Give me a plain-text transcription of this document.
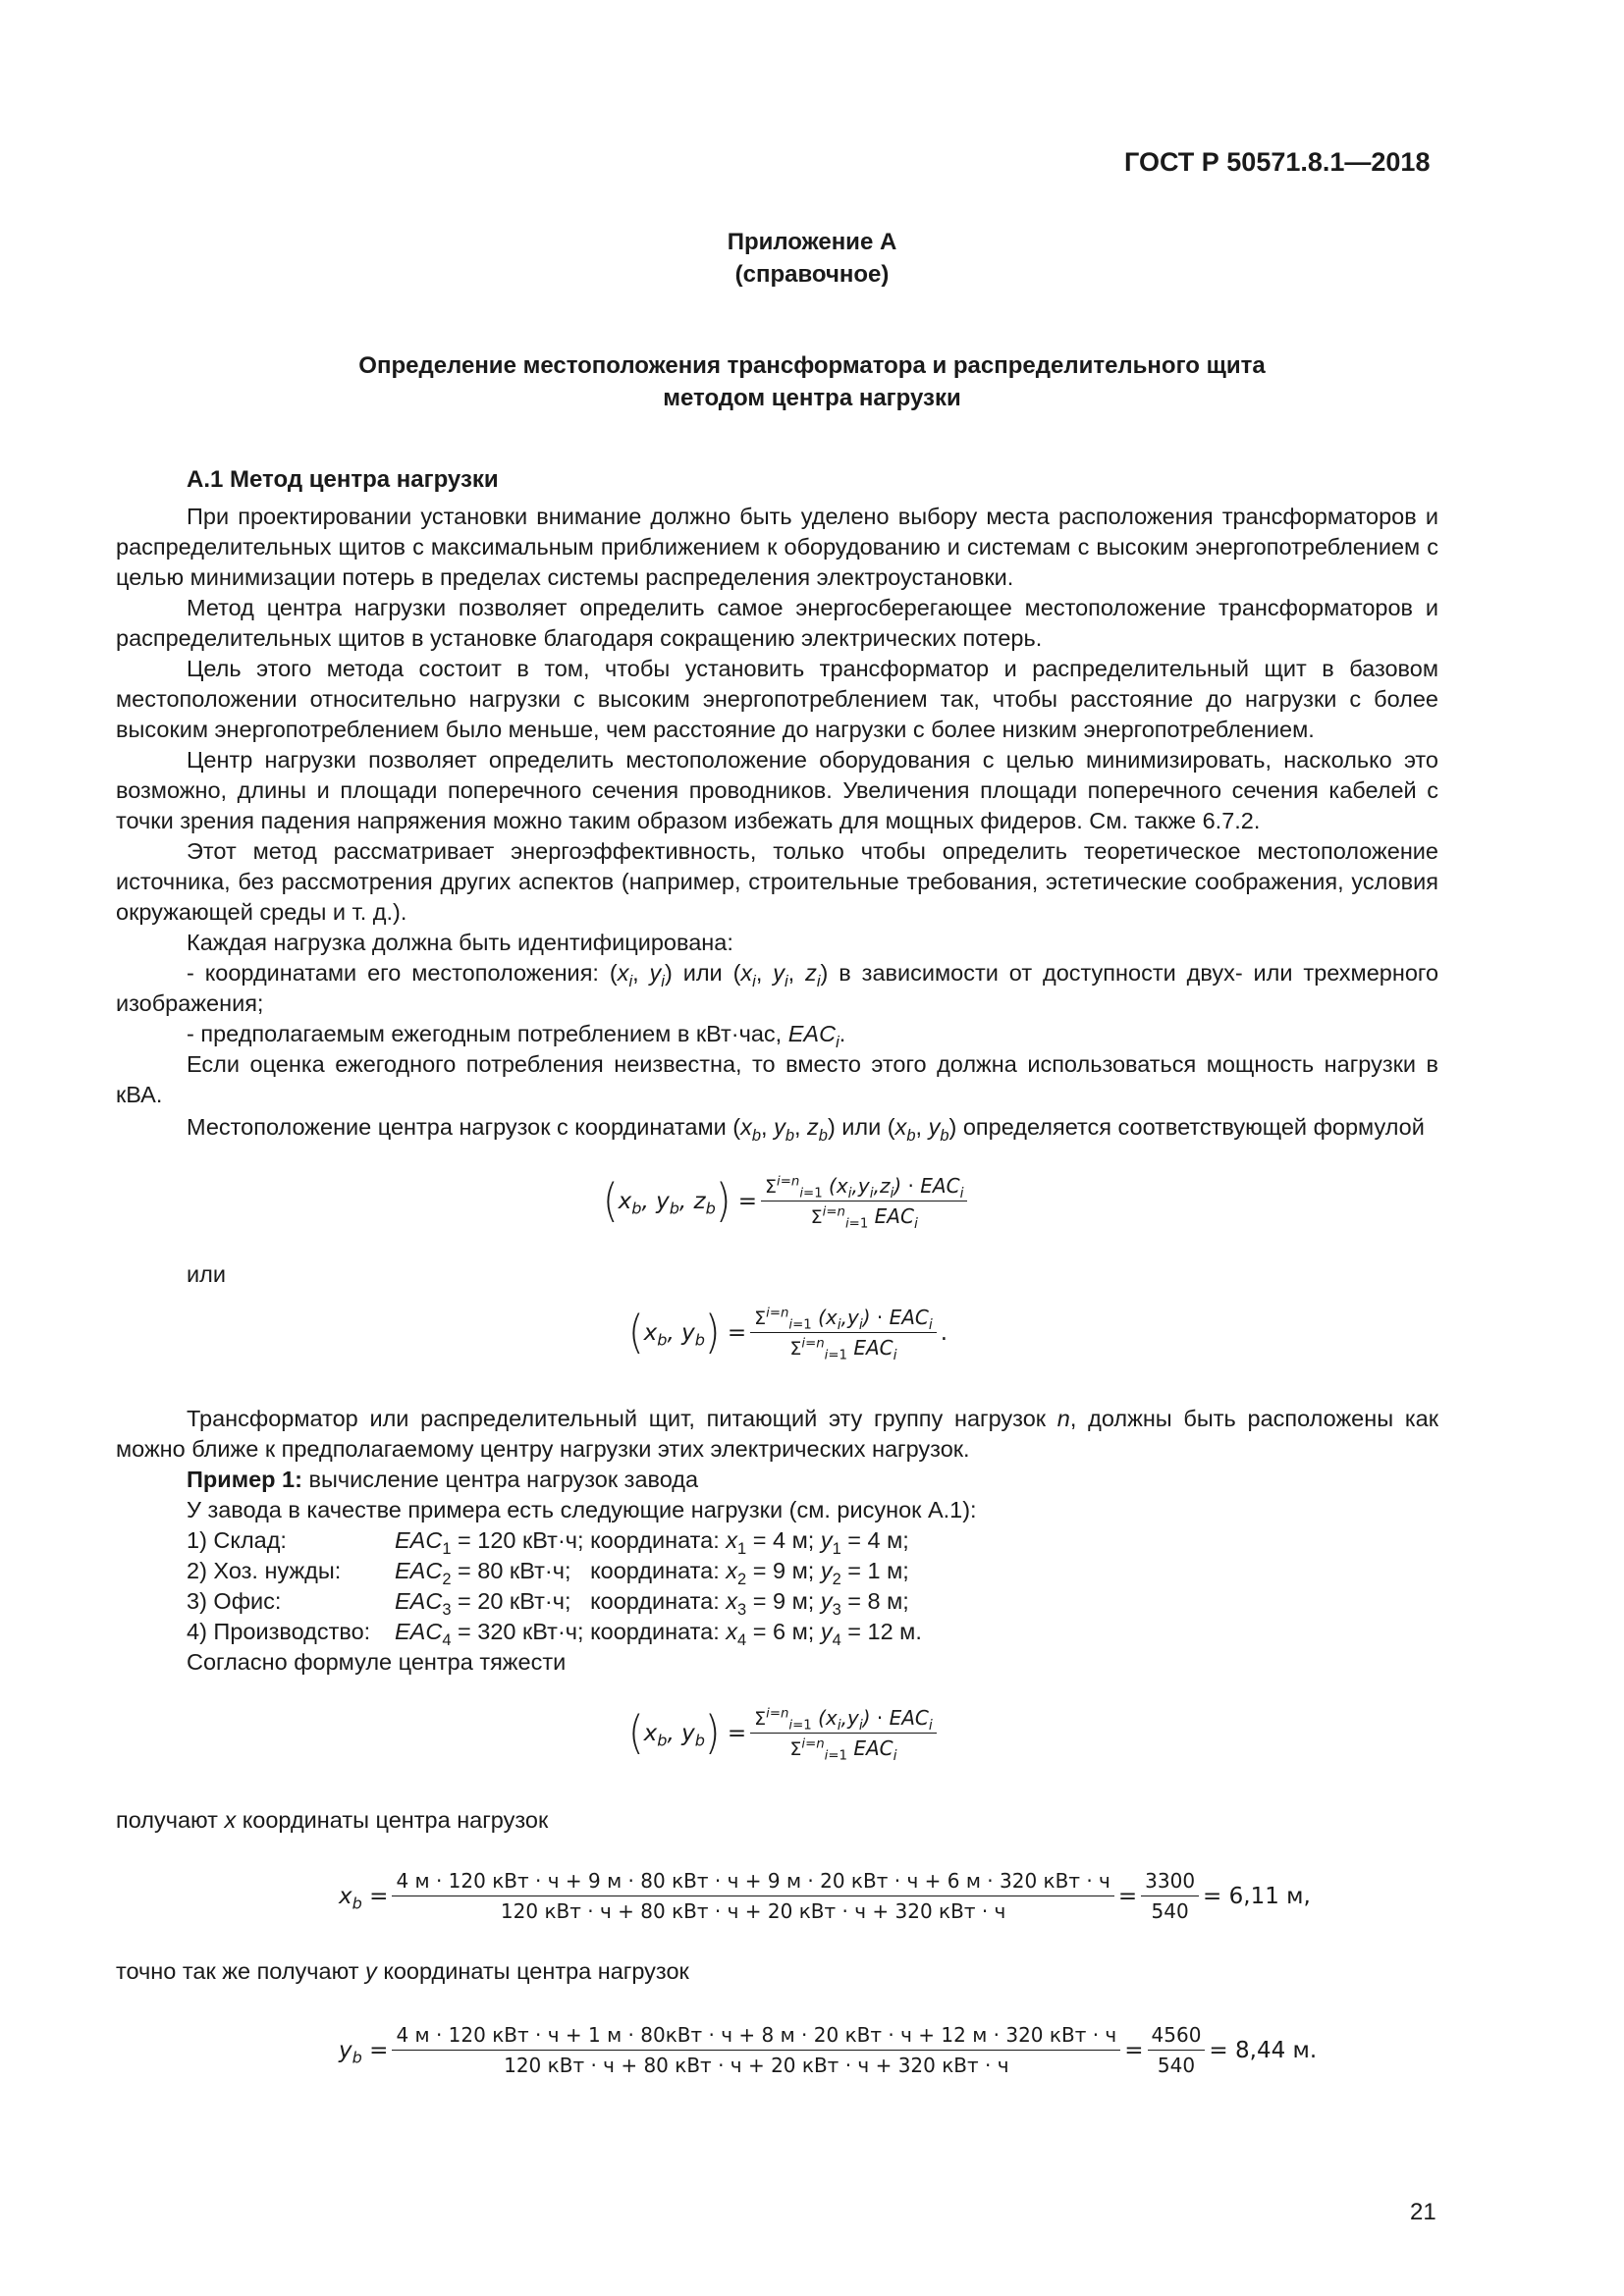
ГОСТ Р 50571.8.1—2018
Приложение А
(справочное)
Определение местоположения трансформатора и распределительного щита
методом центра нагрузки
А.1 Метод центра нагрузки
При проектировании установки внимание должно быть уделено выбору места расположения трансформаторов и распределительных щитов с максимальным приближением к оборудованию и системам с высоким энергопотреблением с целью минимизации потерь в пределах системы распределения электроустановки.
Метод центра нагрузки позволяет определить самое энергосберегающее местоположение трансформаторов и распределительных щитов в установке благодаря сокращению электрических потерь.
Цель этого метода состоит в том, чтобы установить трансформатор и распределительный щит в базовом местоположении относительно нагрузки с высоким энергопотреблением так, чтобы расстояние до нагрузки с более высоким энергопотреблением было меньше, чем расстояние до нагрузки с более низким энергопотреблением.
Центр нагрузки позволяет определить местоположение оборудования с целью минимизировать, насколько это возможно, длины и площади поперечного сечения проводников. Увеличения площади поперечного сечения кабелей с точки зрения падения напряжения можно таким образом избежать для мощных фидеров. См. также 6.7.2.
Этот метод рассматривает энергоэффективность, только чтобы определить теоретическое местоположение источника, без рассмотрения других аспектов (например, строительные требования, эстетические соображения, условия окружающей среды и т. д.).
Каждая нагрузка должна быть идентифицирована:
- координатами его местоположения: ($x_i$, $y_i$) или ($x_i$, $y_i$, $z_i$) в зависимости от доступности двух- или трехмерного изображения;
- предполагаемым ежегодным потреблением в кВт·час, $EAC_i$.
Если оценка ежегодного потребления неизвестна, то вместо этого должна использоваться мощность нагрузки в кВА.
Местоположение центра нагрузок с координатами ($x_b$, $y_b$, $z_b$) или ($x_b$, $y_b$) определяется соответствующей формулой
( $x_b$, $y_b$, $z_b$ ) = $\frac{\Sigma^{i=n}_{i=1} (x_i,y_i,z_i) \cdot EAC_i}{\Sigma^{i=n}_{i=1} EAC_i}$
или
( $x_b$, $y_b$ ) = $\frac{\Sigma^{i=n}_{i=1} (x_i,y_i) \cdot EAC_i}{\Sigma^{i=n}_{i=1} EAC_i}$ .
Трансформатор или распределительный щит, питающий эту группу нагрузок n, должны быть расположены как можно ближе к предполагаемому центру нагрузки этих электрических нагрузок.
Пример 1: вычисление центра нагрузок завода
У завода в качестве примера есть следующие нагрузки (см. рисунок А.1):
1) Склад:	$EAC_1 = 120$ кВт·ч; координата: $x_1 = 4$ м; $y_1 = 4$ м;
2) Хоз. нужды:	$EAC_2 = 80$ кВт·ч; координата: $x_2 = 9$ м; $y_2 = 1$ м;
3) Офис:	$EAC_3 = 20$ кВт·ч; координата: $x_3 = 9$ м; $y_3 = 8$ м;
4) Производство:	$EAC_4 = 320$ кВт·ч; координата: $x_4 = 6$ м; $y_4 = 12$ м.
Согласно формуле центра тяжести
( $x_b$, $y_b$ ) = $\frac{\Sigma^{i=n}_{i=1} (x_i,y_i) \cdot EAC_i}{\Sigma^{i=n}_{i=1} EAC_i}$
получают x координаты центра нагрузок
$x_b$ =
4 м · 120 кВт · ч + 9 м · 80 кВт · ч + 9 м · 20 кВт · ч + 6 м · 320 кВт · ч
120 кВт · ч + 80 кВт · ч + 20 кВт · ч + 320 кВт · ч
= $\frac{3300}{540} = 6,11$ м,
точно так же получают y координаты центра нагрузок
$y_b$ =
4 м · 120 кВт · ч + 1 м · 80кВт · ч + 8 м · 20 кВт · ч + 12 м · 320 кВт · ч
120 кВт · ч + 80 кВт · ч + 20 кВт · ч + 320 кВт · ч
= $\frac{4560}{540} = 8,44$ м.
21
